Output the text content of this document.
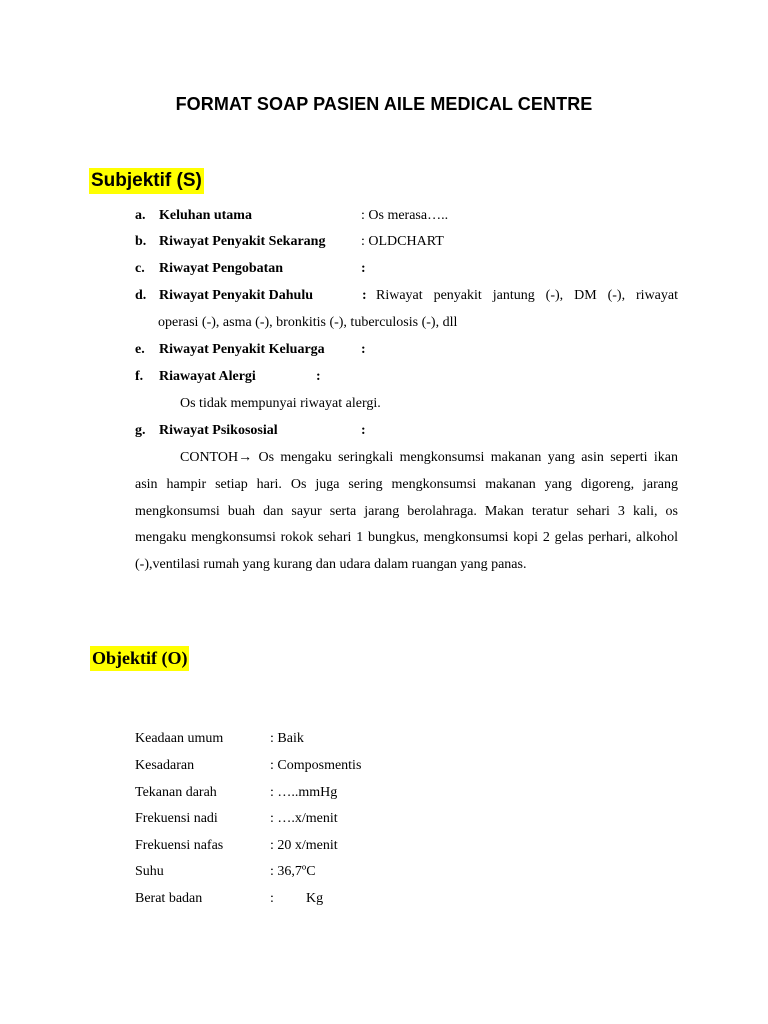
FORMAT SOAP PASIEN AILE MEDICAL CENTRE
Subjektif (S)
a. Keluhan utama	: Os merasa…..
b. Riwayat Penyakit Sekarang	: OLDCHART
c. Riwayat Pengobatan	:
d. Riwayat Penyakit Dahulu	: Riwayat penyakit jantung (-), DM (-), riwayat
operasi (-), asma (-), bronkitis (-), tuberculosis (-), dll
e. Riwayat Penyakit Keluarga	:
f. Riawayat Alergi	:
Os tidak mempunyai riwayat alergi.
g. Riwayat Psikososial	:
CONTOH→ Os mengaku seringkali mengkonsumsi makanan yang asin seperti ikan asin hampir setiap hari. Os juga sering mengkonsumsi makanan yang digoreng, jarang mengkonsumsi buah dan sayur serta jarang berolahraga. Makan teratur sehari 3 kali, os mengaku mengkonsumsi rokok sehari 1 bungkus, mengkonsumsi kopi 2 gelas perhari, alkohol (-),ventilasi rumah yang kurang dan udara dalam ruangan yang panas.
Objektif (O)
Keadaan umum	: Baik
Kesadaran	: Composmentis
Tekanan darah	: …..mmHg
Frekuensi nadi	: ….x/menit
Frekuensi nafas	: 20 x/menit
Suhu	: 36,7ºC
Berat badan	: Kg
